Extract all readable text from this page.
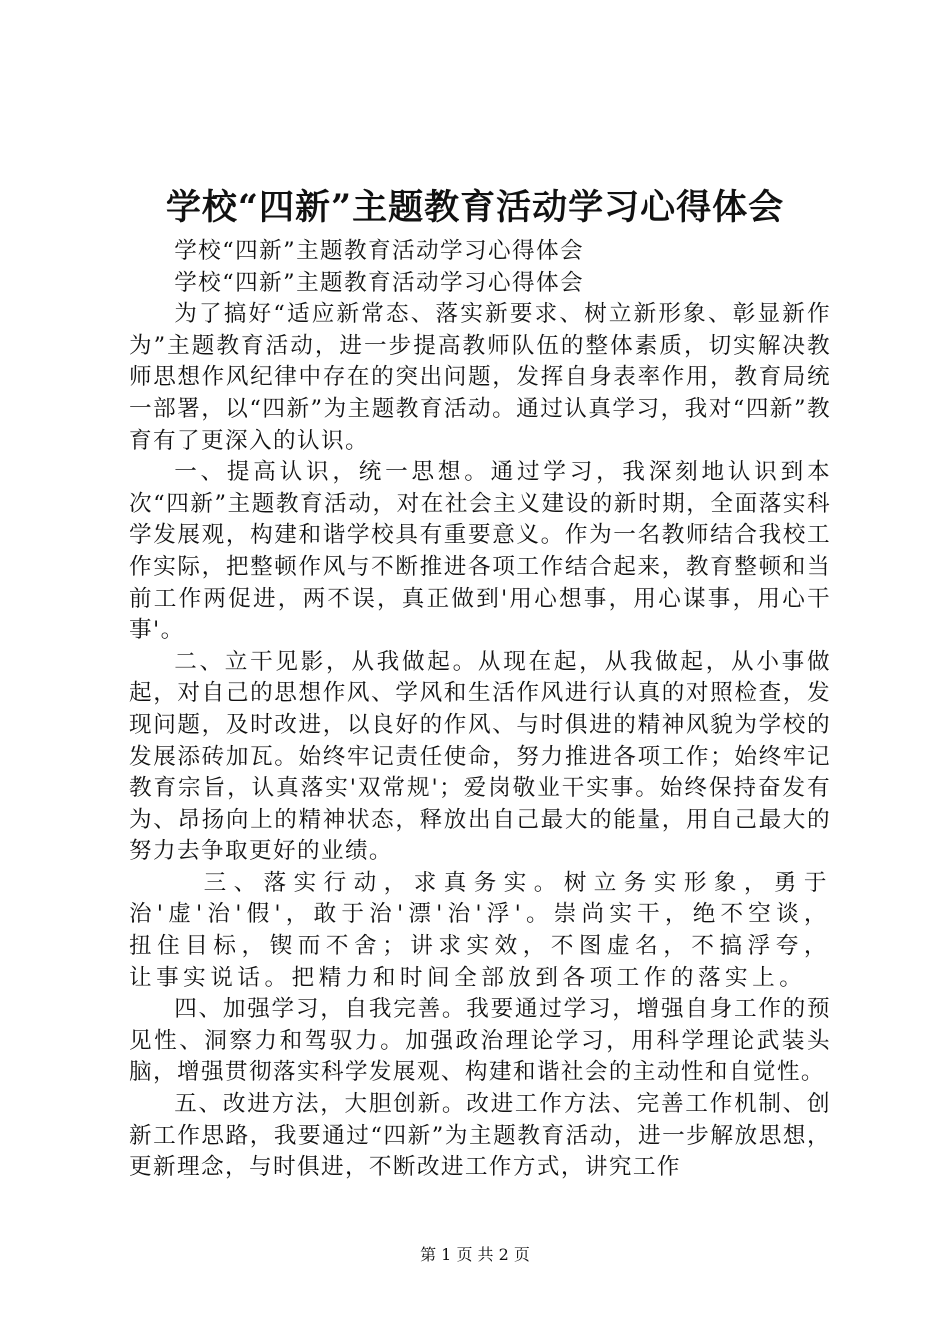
学校“四新”主题教育活动学习心得体会

学校“四新”主题教育活动学习心得体会

学校“四新”主题教育活动学习心得体会

为了搞好“适应新常态、落实新要求、树立新形象、彰显新作为”主题教育活动，进一步提高教师队伍的整体素质，切实解决教师思想作风纪律中存在的突出问题，发挥自身表率作用，教育局统一部署，以“四新”为主题教育活动。通过认真学习，我对“四新”教育有了更深入的认识。

一、提高认识，统一思想。通过学习，我深刻地认识到本次“四新”主题教育活动，对在社会主义建设的新时期，全面落实科学发展观，构建和谐学校具有重要意义。作为一名教师结合我校工作实际，把整顿作风与不断推进各项工作结合起来，教育整顿和当前工作两促进，两不误，真正做到'用心想事，用心谋事，用心干事'。

二、立干见影，从我做起。从现在起，从我做起，从小事做起，对自己的思想作风、学风和生活作风进行认真的对照检查，发现问题，及时改进，以良好的作风、与时俱进的精神风貌为学校的发展添砖加瓦。始终牢记责任使命，努力推进各项工作；始终牢记教育宗旨，认真落实'双常规'；爱岗敬业干实事。始终保持奋发有为、昂扬向上的精神状态，释放出自己最大的能量，用自己最大的努力去争取更好的业绩。

三、落实行动，求真务实。树立务实形象，勇于治'虚'治'假'，敢于治'漂'治'浮'。崇尚实干，绝不空谈，扭住目标，锲而不舍；讲求实效，不图虚名，不搞浮夸，让事实说话。把精力和时间全部放到各项工作的落实上。

四、加强学习，自我完善。我要通过学习，增强自身工作的预见性、洞察力和驾驭力。加强政治理论学习，用科学理论武装头脑，增强贯彻落实科学发展观、构建和谐社会的主动性和自觉性。

五、改进方法，大胆创新。改进工作方法、完善工作机制、创新工作思路，我要通过“四新”为主题教育活动，进一步解放思想，更新理念，与时俱进，不断改进工作方式，讲究工作

第 1 页 共 2 页
